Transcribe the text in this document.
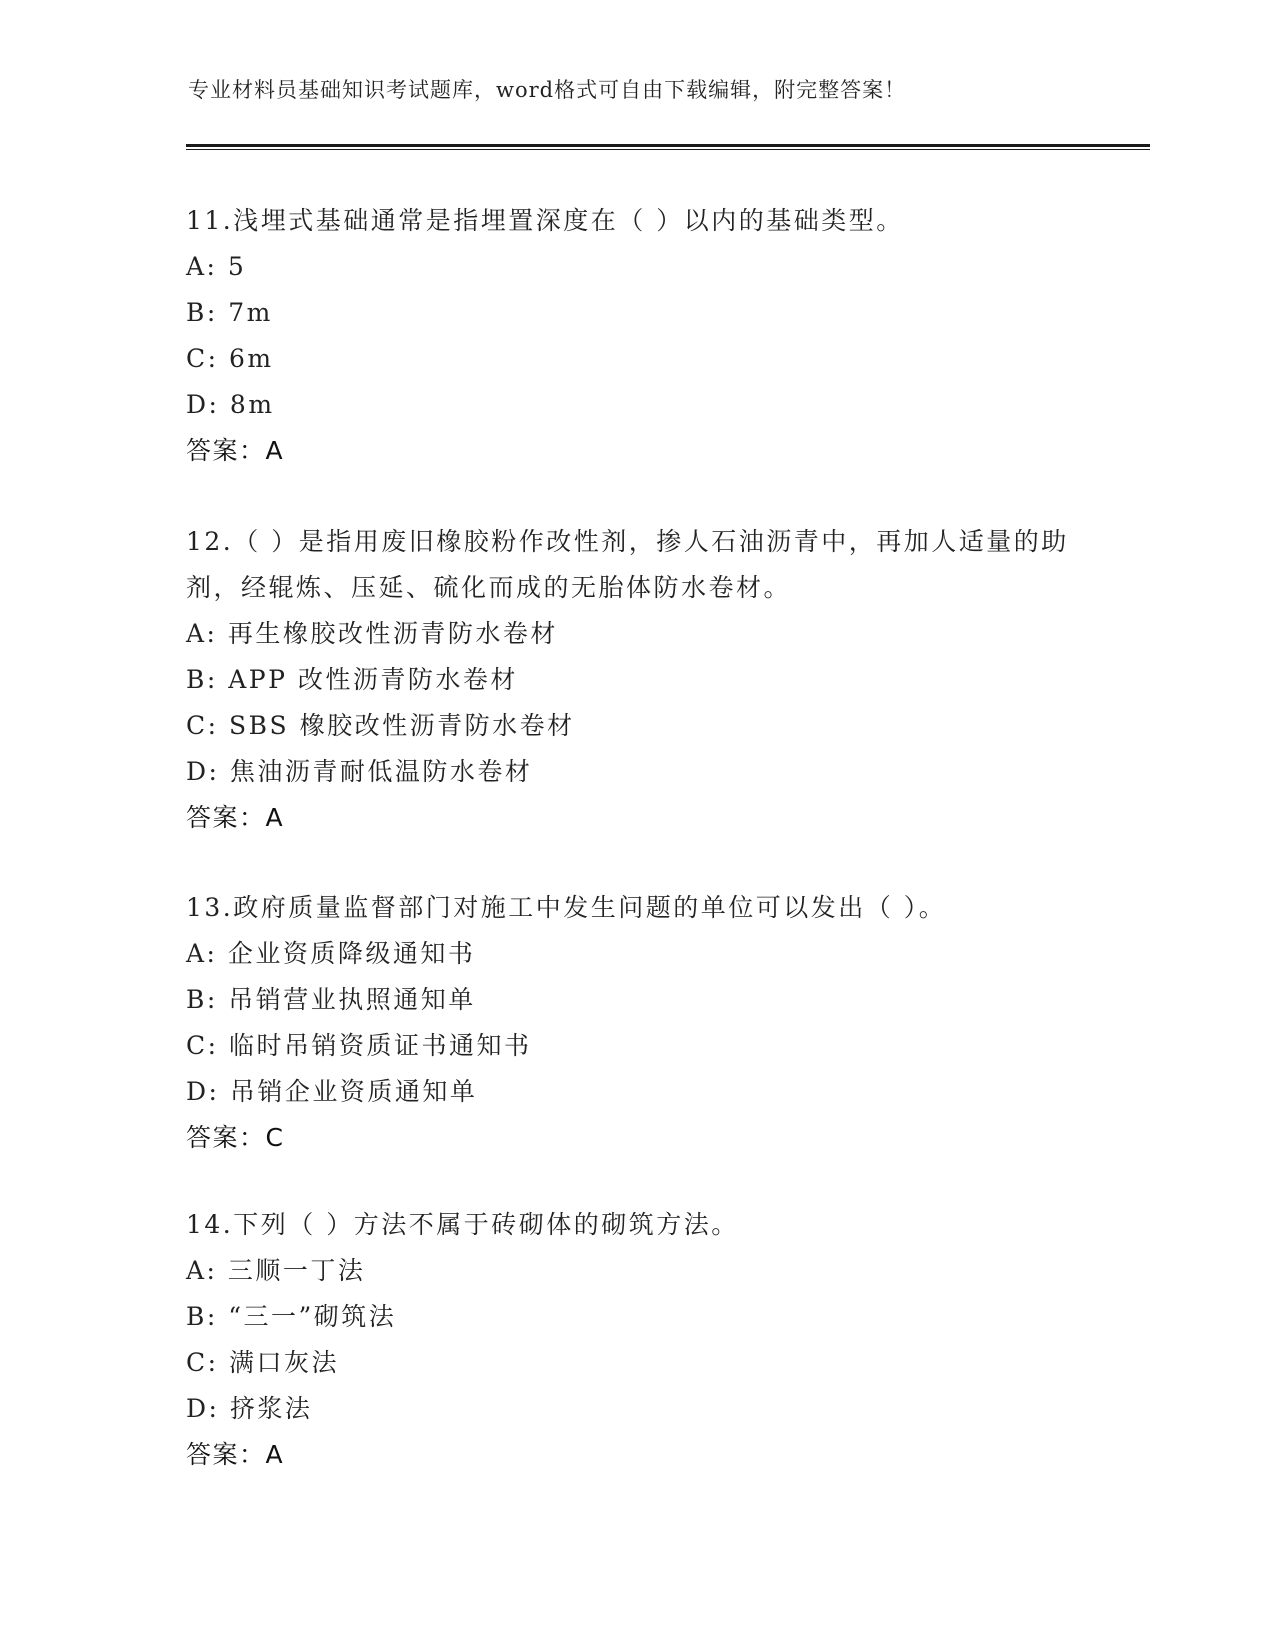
专业材料员基础知识考试题库，word格式可自由下载编辑，附完整答案！

11.浅埋式基础通常是指埋置深度在（ ）以内的基础类型。

A: 5

B: 7m

C: 6m

D: 8m

答案：A

12.（ ）是指用废旧橡胶粉作改性剂，掺人石油沥青中，再加人适量的助剂，经辊炼、压延、硫化而成的无胎体防水卷材。

A: 再生橡胶改性沥青防水卷材

B: APP 改性沥青防水卷材

C: SBS 橡胶改性沥青防水卷材

D: 焦油沥青耐低温防水卷材

答案：A

13.政府质量监督部门对施工中发生问题的单位可以发出（ ）。

A: 企业资质降级通知书

B: 吊销营业执照通知单

C: 临时吊销资质证书通知书

D: 吊销企业资质通知单

答案：C

14.下列（ ）方法不属于砖砌体的砌筑方法。

A: 三顺一丁法

B: “三一”砌筑法

C: 满口灰法

D: 挤浆法

答案：A
